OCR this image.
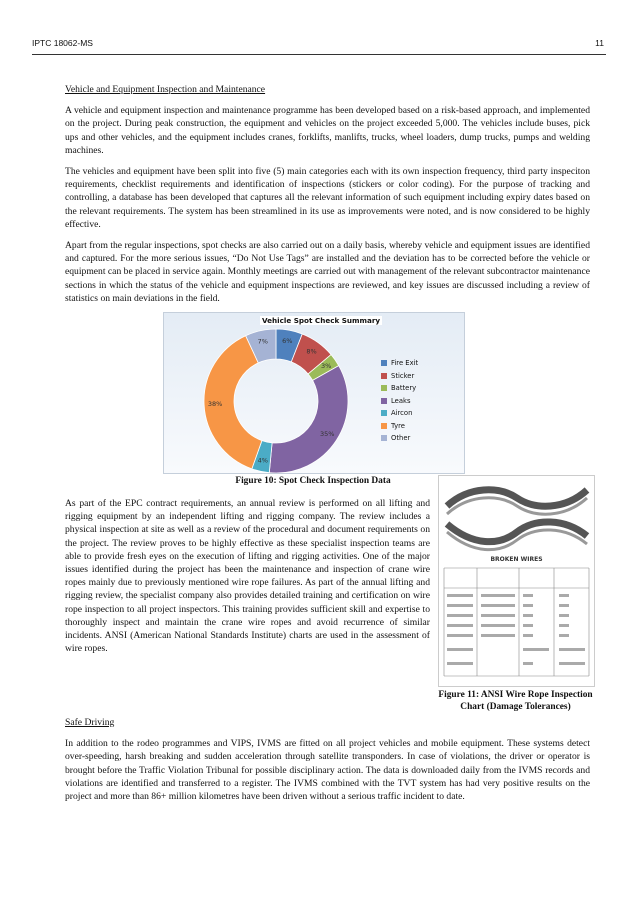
IPTC 18062-MS	11

Vehicle and Equipment Inspection and Maintenance

A vehicle and equipment inspection and maintenance programme has been developed based on a risk-based approach, and implemented on the project. During peak construction, the equipment and vehicles on the project exceeded 5,000. The vehicles include buses, pick ups and other vehicles, and the equipment includes cranes, forklifts, manlifts, trucks, wheel loaders, dump trucks, pumps and welding machines.

The vehicles and equipment have been split into five (5) main categories each with its own inspection frequency, third party inspeciton requirements, checklist requirements and identification of inspections (stickers or color coding). For the purpose of tracking and controlling, a database has been developed that captures all the relevant information of such equipment including expiry dates based on the relevant requirements. The system has been streamlined in its use as improvements were noted, and is now considered to be highly effective.

Apart from the regular inspections, spot checks are also carried out on a daily basis, whereby vehicle and equipment issues are identified and captured. For the more serious issues, “Do Not Use Tags” are installed and the deviation has to be corrected before the vehicle or equipment can be placed in service again. Monthly meetings are carried out with management of the relevant subcontractor maintenance sections in which the status of the vehicle and equipment inspections are reviewed, and key issues are discussed including a review of statistics on main deviations in the field.

6%
8%
3%
35%
4%
38%
7%
Vehicle Spot Check Summary
Fire Exit
Sticker
Battery
Leaks
Aircon
Tyre
Other
Figure 10: Spot Check Inspection Data

As part of the EPC contract requirements, an annual review is performed on all lifting and rigging equipment by an independent lifting and rigging company. The review includes a physical inspection at site as well as a review of the procedural and document requirements on the project. The review proves to be highly effective as these specialist inspection teams are able to provide fresh eyes on the execution of lifting and rigging activities. One of the major issues identified during the project has been the maintenance and inspection of crane wire ropes mainly due to previously mentioned wire rope failures. As part of the annual lifting and rigging review, the specialist company also provides detailed training and certification on wire rope inspection to all project inspectors. This training provides sufficient skill and expertise to thoroughly inspect and maintain the crane wire ropes and avoid recurrence of similar incidents. ANSI (American National Standards Institute) charts are used in the assessment of wire ropes.

BROKEN WIRES
Figure 11: ANSI Wire Rope Inspection
Chart (Damage Tolerances)

Safe Driving

In addition to the rodeo programmes and VIPS, IVMS are fitted on all project vehicles and mobile equipment. These systems detect over-speeding, harsh breaking and sudden acceleration through satellite transponders. In case of violations, the driver or operator is brought before the Traffic Violation Tribunal for possible disciplinary action. The data is downloaded daily from the IVMS records and violations are identified and transferred to a register. The IVMS combined with the TVT system has had very positive results on the project and more than 86+ million kilometres have been driven without a serious traffic incident to date.
